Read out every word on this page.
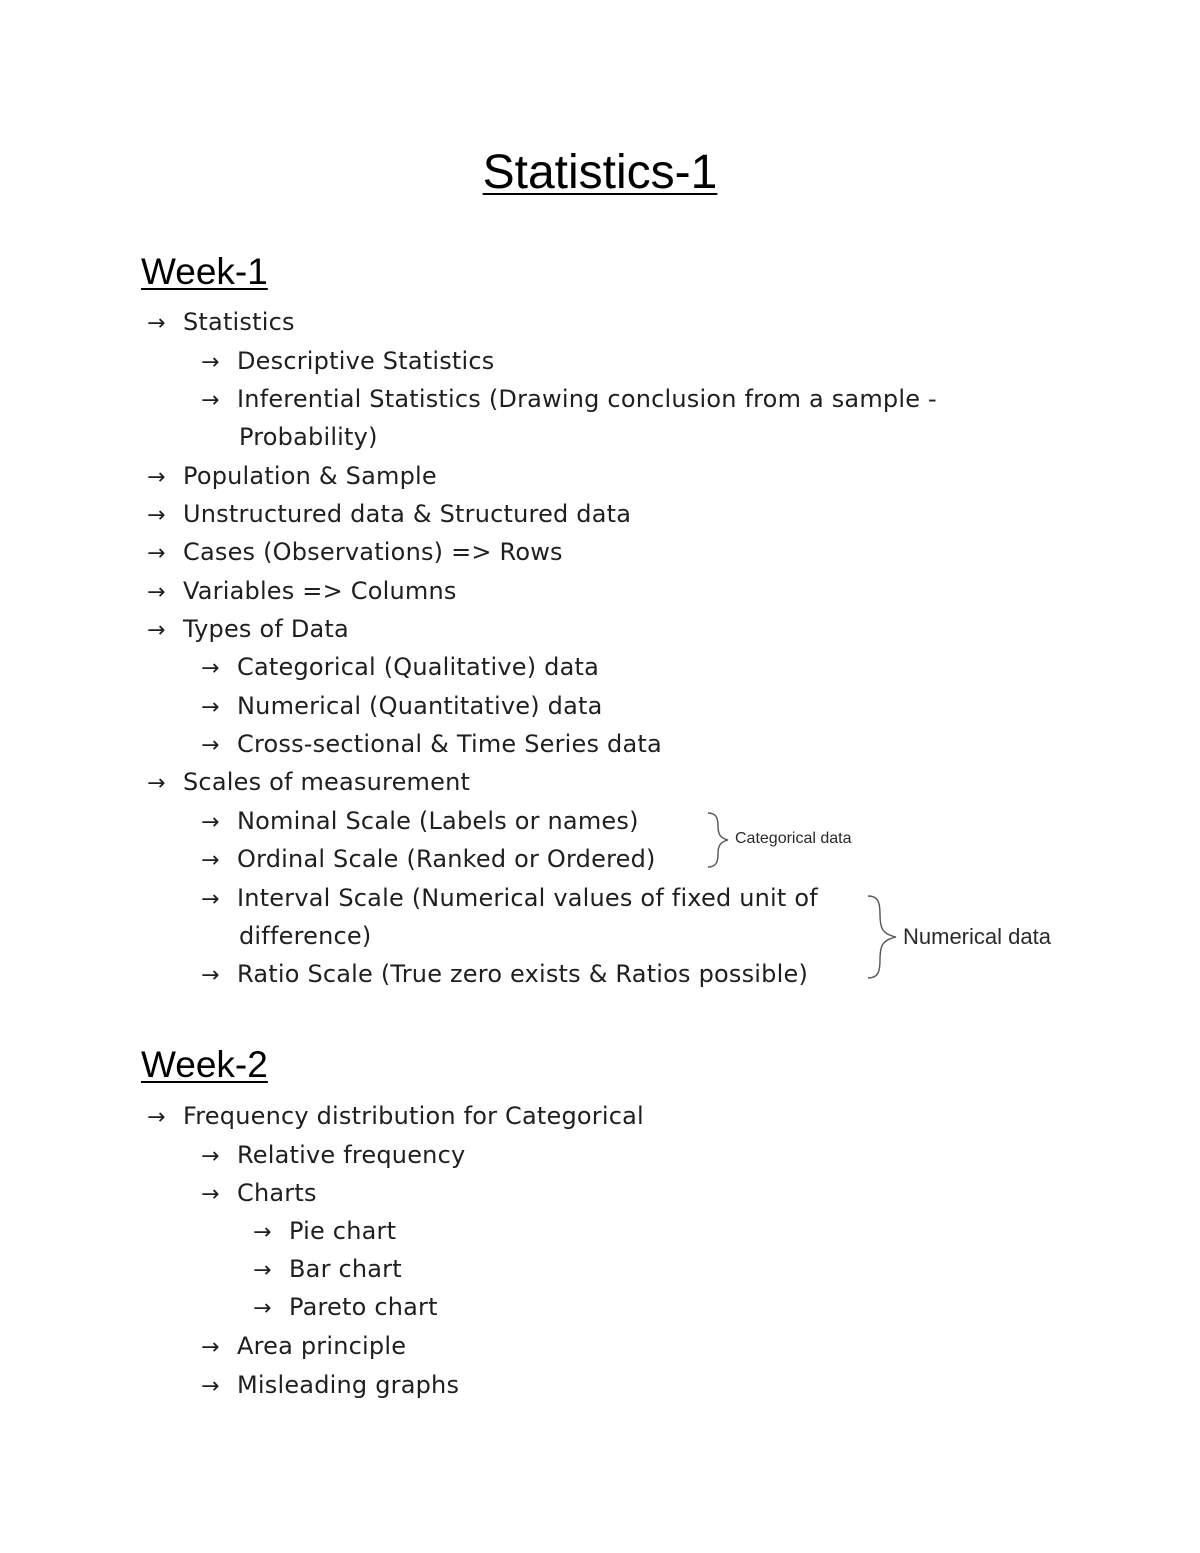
Statistics-1
Week-1
→ Statistics
→ Descriptive Statistics
→ Inferential Statistics (Drawing conclusion from a sample -
Probability)
→ Population & Sample
→ Unstructured data & Structured data
→ Cases (Observations) => Rows
→ Variables => Columns
→ Types of Data
→ Categorical (Qualitative) data
→ Numerical (Quantitative) data
→ Cross-sectional & Time Series data
→ Scales of measurement
→ Nominal Scale (Labels or names)
→ Ordinal Scale (Ranked or Ordered)
→ Interval Scale (Numerical values of fixed unit of
difference)
→ Ratio Scale (True zero exists & Ratios possible)
Categorical data
Numerical data
Week-2
→ Frequency distribution for Categorical
→ Relative frequency
→ Charts
→ Pie chart
→ Bar chart
→ Pareto chart
→ Area principle
→ Misleading graphs
